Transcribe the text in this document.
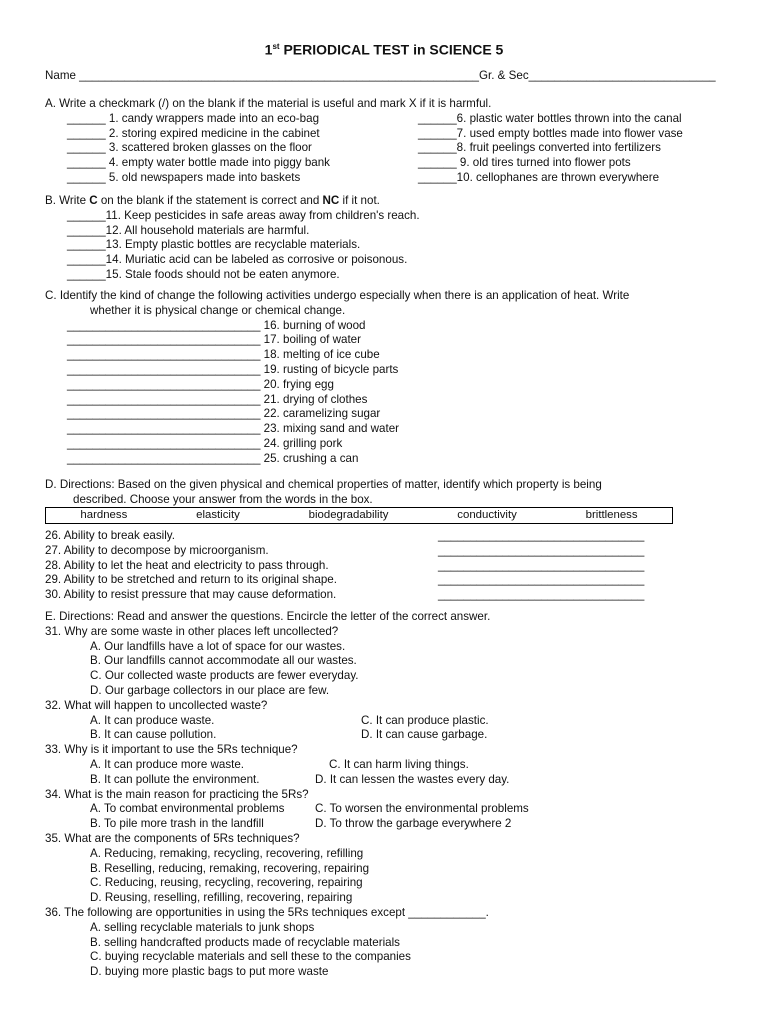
1st PERIODICAL TEST in SCIENCE 5
Name ______________________________________________________________ Gr. & Sec_____________________________
A. Write a checkmark (/) on the blank if the material is useful and mark X if it is harmful.
______ 1. candy wrappers made into an eco-bag
______ 2. storing expired medicine in the cabinet
______ 3. scattered broken glasses on the floor
______ 4. empty water bottle made into piggy bank
______ 5. old newspapers made into baskets
______6. plastic water bottles thrown into the canal
______7. used empty bottles made into flower vase
______8. fruit peelings converted into fertilizers
______ 9. old tires turned into flower pots
______10. cellophanes are thrown everywhere
B. Write C on the blank if the statement is correct and NC if it not.
______11. Keep pesticides in safe areas away from children's reach.
______12. All household materials are harmful.
______13. Empty plastic bottles are recyclable materials.
______14. Muriatic acid can be labeled as corrosive or poisonous.
______15. Stale foods should not be eaten anymore.
C. Identify the kind of change the following activities undergo especially when there is an application of heat. Write
whether it is physical change or chemical change.
______________________________ 16. burning of wood
______________________________ 17. boiling of water
______________________________ 18. melting of ice cube
______________________________ 19. rusting of bicycle parts
______________________________ 20. frying egg
______________________________ 21. drying of clothes
______________________________ 22. caramelizing sugar
______________________________ 23. mixing sand and water
______________________________ 24. grilling pork
______________________________ 25. crushing a can
D. Directions: Based on the given physical and chemical properties of matter, identify which property is being
described. Choose your answer from the words in the box.
hardness	elasticity	biodegradability	conductivity	brittleness
26. Ability to break easily.	________________________________
27. Ability to decompose by microorganism.	________________________________
28. Ability to let the heat and electricity to pass through.	________________________________
29. Ability to be stretched and return to its original shape.	________________________________
30. Ability to resist pressure that may cause deformation.	________________________________
E. Directions: Read and answer the questions. Encircle the letter of the correct answer.
31. Why are some waste in other places left uncollected?
A. Our landfills have a lot of space for our wastes.
B. Our landfills cannot accommodate all our wastes.
C. Our collected waste products are fewer everyday.
D. Our garbage collectors in our place are few.
32. What will happen to uncollected waste?
A. It can produce waste.	C. It can produce plastic.
B. It can cause pollution.	D. It can cause garbage.
33. Why is it important to use the 5Rs technique?
A. It can produce more waste.	C. It can harm living things.
B. It can pollute the environment.	D. It can lessen the wastes every day.
34. What is the main reason for practicing the 5Rs?
A. To combat environmental problems	C. To worsen the environmental problems
B. To pile more trash in the landfill	D. To throw the garbage everywhere 2
35. What are the components of 5Rs techniques?
A. Reducing, remaking, recycling, recovering, refilling
B. Reselling, reducing, remaking, recovering, repairing
C. Reducing, reusing, recycling, recovering, repairing
D. Reusing, reselling, refilling, recovering, repairing
36. The following are opportunities in using the 5Rs techniques except ____________.
A. selling recyclable materials to junk shops
B. selling handcrafted products made of recyclable materials
C. buying recyclable materials and sell these to the companies
D. buying more plastic bags to put more waste
